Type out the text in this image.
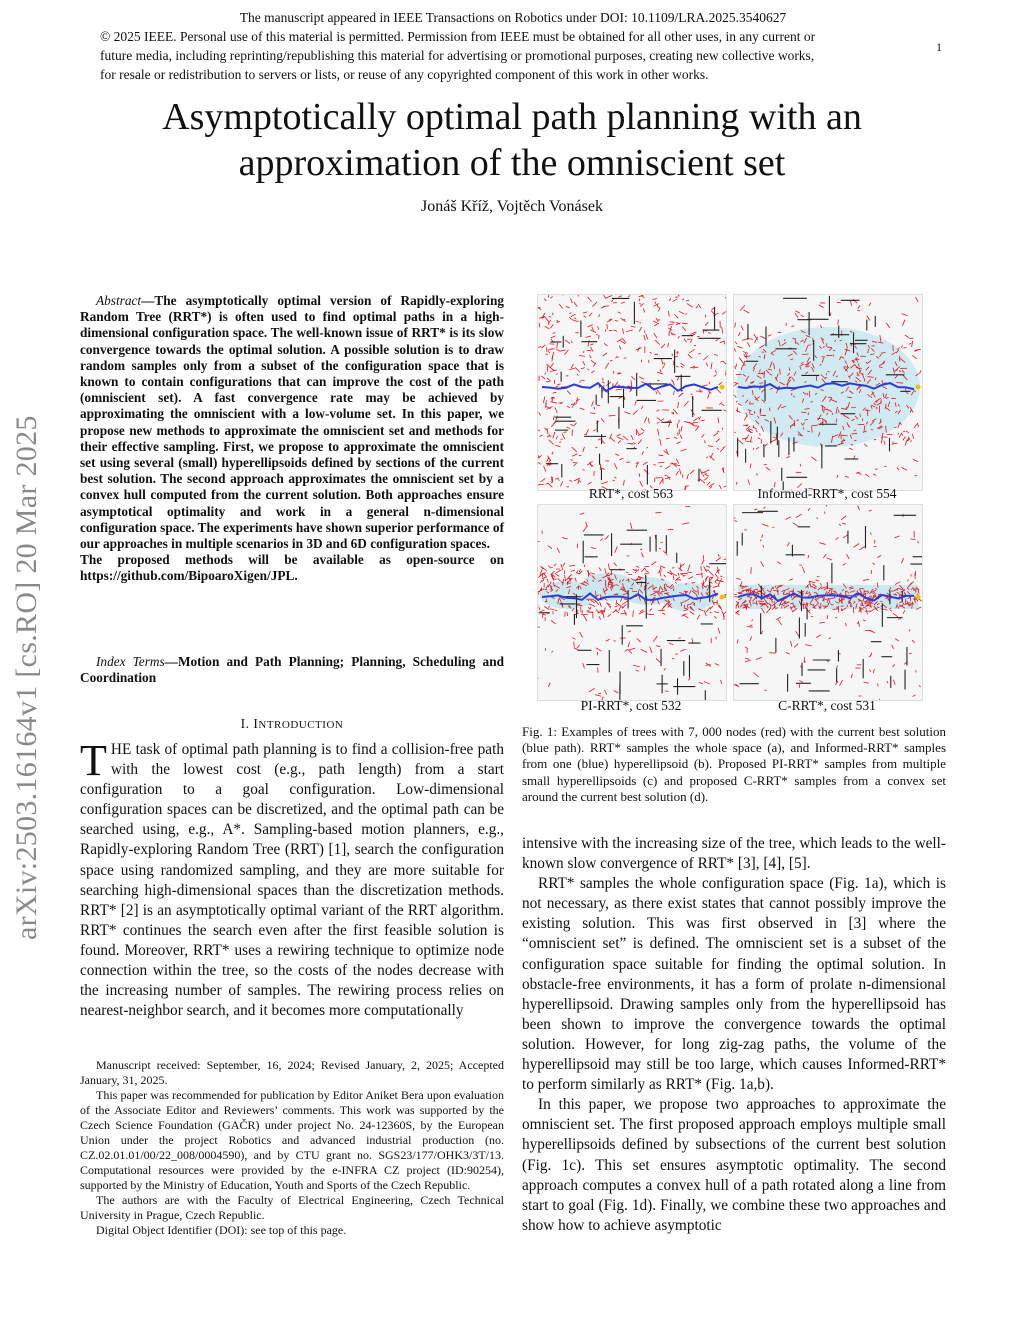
The manuscript appeared in IEEE Transactions on Robotics under DOI: 10.1109/LRA.2025.3540627
© 2025 IEEE. Personal use of this material is permitted. Permission from IEEE must be obtained for all other uses, in any current or
future media, including reprinting/republishing this material for advertising or promotional purposes, creating new collective works,
for resale or redistribution to servers or lists, or reuse of any copyrighted component of this work in other works.
1
arXiv:2503.16164v1 [cs.RO] 20 Mar 2025
Asymptotically optimal path planning with an
approximation of the omniscient set
Jonáš Kříž, Vojtěch Vonásek

Abstract—The asymptotically optimal version of Rapidly-exploring Random Tree (RRT*) is often used to find optimal paths in a high-dimensional configuration space. The well-known issue of RRT* is its slow convergence towards the optimal solution. A possible solution is to draw random samples only from a subset of the configuration space that is known to contain configurations that can improve the cost of the path (omniscient set). A fast convergence rate may be achieved by approximating the omniscient with a low-volume set. In this paper, we propose new methods to approximate the omniscient set and methods for their effective sampling. First, we propose to approximate the omniscient set using several (small) hyperellipsoids defined by sections of the current best solution. The second approach approximates the omniscient set by a convex hull computed from the current solution. Both approaches ensure asymptotical optimality and work in a general n-dimensional configuration space. The experiments have shown superior performance of our approaches in multiple scenarios in 3D and 6D configuration spaces.

The proposed methods will be available as open-source on https://github.com/BipoaroXigen/JPL.

Index Terms—Motion and Path Planning; Planning, Scheduling and Coordination
I. INTRODUCTION

THE task of optimal path planning is to find a collision-free path with the lowest cost (e.g., path length) from a start configuration to a goal configuration. Low-dimensional configuration spaces can be discretized, and the optimal path can be searched using, e.g., A*. Sampling-based motion planners, e.g., Rapidly-exploring Random Tree (RRT) [1], search the configuration space using randomized sampling, and they are more suitable for searching high-dimensional spaces than the discretization methods. RRT* [2] is an asymptotically optimal variant of the RRT algorithm. RRT* continues the search even after the first feasible solution is found. Moreover, RRT* uses a rewiring technique to optimize node connection within the tree, so the costs of the nodes decrease with the increasing number of samples. The rewiring process relies on nearest-neighbor search, and it becomes more computationally

Manuscript received: September, 16, 2024; Revised January, 2, 2025; Accepted January, 31, 2025.

This paper was recommended for publication by Editor Aniket Bera upon evaluation of the Associate Editor and Reviewers’ comments. This work was supported by the Czech Science Foundation (GAČR) under project No. 24-12360S, by the European Union under the project Robotics and advanced industrial production (no. CZ.02.01.01/00/22_008/0004590), and by CTU grant no. SGS23/177/OHK3/3T/13. Computational resources were provided by the e-INFRA CZ project (ID:90254), supported by the Ministry of Education, Youth and Sports of the Czech Republic.

The authors are with the Faculty of Electrical Engineering, Czech Technical University in Prague, Czech Republic.

Digital Object Identifier (DOI): see top of this page.

RRT*, cost 563	Informed-RRT*, cost 554
PI-RRT*, cost 532	C-RRT*, cost 531

Fig. 1: Examples of trees with 7, 000 nodes (red) with the current best solution (blue path). RRT* samples the whole space (a), and Informed-RRT* samples from one (blue) hyperellipsoid (b). Proposed PI-RRT* samples from multiple small hyperellipsoids (c) and proposed C-RRT* samples from a convex set around the current best solution (d).

intensive with the increasing size of the tree, which leads to the well-known slow convergence of RRT* [3], [4], [5].

RRT* samples the whole configuration space (Fig. 1a), which is not necessary, as there exist states that cannot possibly improve the existing solution. This was first observed in [3] where the “omniscient set” is defined. The omniscient set is a subset of the configuration space suitable for finding the optimal solution. In obstacle-free environments, it has a form of prolate n-dimensional hyperellipsoid. Drawing samples only from the hyperellipsoid has been shown to improve the convergence towards the optimal solution. However, for long zig-zag paths, the volume of the hyperellipsoid may still be too large, which causes Informed-RRT* to perform similarly as RRT* (Fig. 1a,b).

In this paper, we propose two approaches to approximate the omniscient set. The first proposed approach employs multiple small hyperellipsoids defined by subsections of the current best solution (Fig. 1c). This set ensures asymptotic optimality. The second approach computes a convex hull of a path rotated along a line from start to goal (Fig. 1d). Finally, we combine these two approaches and show how to achieve asymptotic
